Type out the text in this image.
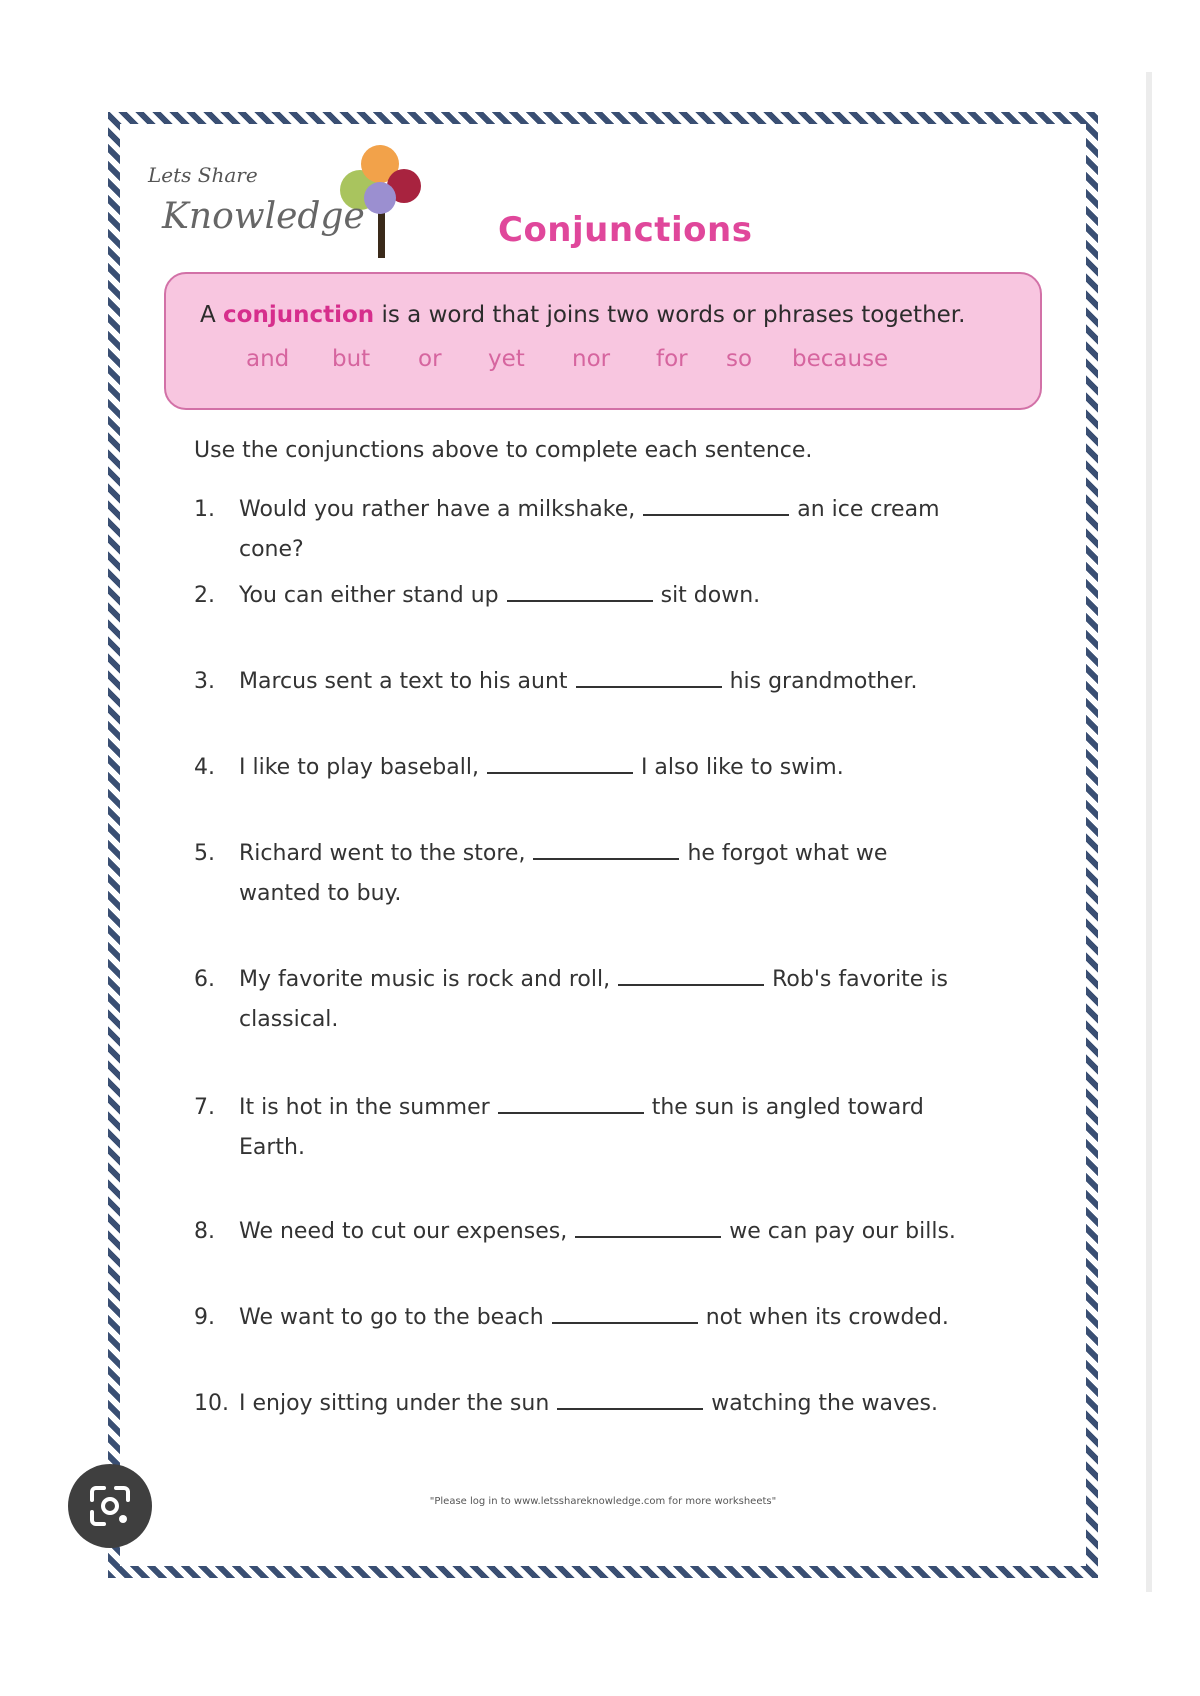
Lets Share
Knowledge	Conjunctions
A conjunction is a word that joins two words or phrases together.
and but or yet nor for so because
Use the conjunctions above to complete each sentence.
1.	Would you rather have a milkshake,	an ice cream
cone?
2.	You can either stand up	sit down.
3.	Marcus sent a text to his aunt	his grandmother.
4.	I like to play baseball,	I also like to swim.
5.	Richard went to the store,	he forgot what we
wanted to buy.
6.	My favorite music is rock and roll,	Rob's favorite is
classical.
7.	It is hot in the summer	the sun is angled toward
Earth.
8.	We need to cut our expenses,	we can pay our bills.
9.	We want to go to the beach	not when its crowded.
10. I enjoy sitting under the sun	watching the waves.
"Please log in to www.letsshareknowledge.com for more worksheets"
